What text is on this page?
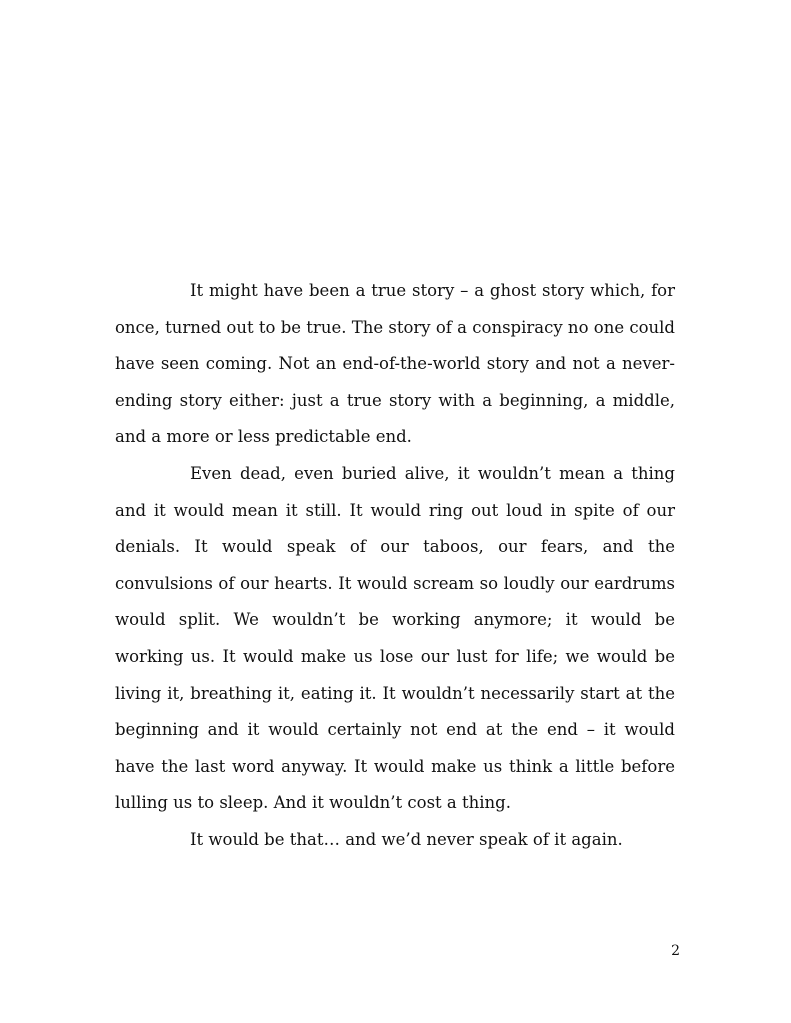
It might have been a true story – a ghost story which, for once, turned out to be true. The story of a conspiracy no one could have seen coming. Not an end-of-the-world story and not a never-ending story either: just a true story with a beginning, a middle, and a more or less predictable end.

Even dead, even buried alive, it wouldn’t mean a thing and it would mean it still. It would ring out loud in spite of our denials. It would speak of our taboos, our fears, and the convulsions of our hearts. It would scream so loudly our eardrums would split. We wouldn’t be working anymore; it would be working us. It would make us lose our lust for life; we would be living it, breathing it, eating it. It wouldn’t necessarily start at the beginning and it would certainly not end at the end – it would have the last word anyway. It would make us think a little before lulling us to sleep. And it wouldn’t cost a thing.

It would be that… and we’d never speak of it again.

2
